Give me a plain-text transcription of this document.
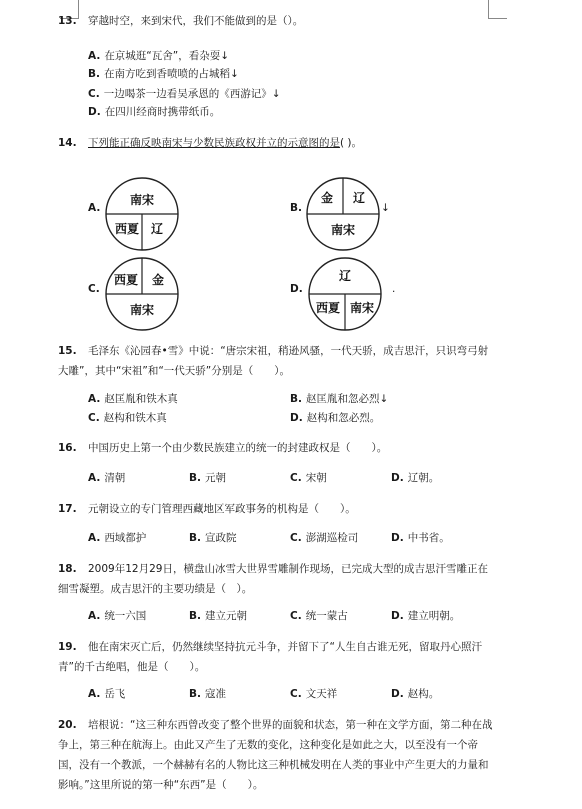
13. 穿越时空，来到宋代，我们不能做到的是（）。
A. 在京城逛“瓦舍”，看杂耍↓
B. 在南方吃到香喷喷的占城稻↓
C. 一边喝茶一边看吴承恩的《西游记》↓
D. 在四川经商时携带纸币。
14. 下列能正确反映南宋与少数民族政权并立的示意图的是( )。
A.
南宋
西夏 辽
B.
金 辽
南宋
↓
C.
西夏 金
南宋
D.
辽
西夏 南宋
.
15. 毛泽东《沁园春•雪》中说：“唐宗宋祖，稍逊风骚，一代天骄，成吉思汗，只识弯弓射大雕”，其中“宋祖”和“一代天骄”分别是（　　）。
A. 赵匡胤和铁木真	B. 赵匡胤和忽必烈↓
C. 赵构和铁木真	D. 赵构和忽必烈。
16. 中国历史上第一个由少数民族建立的统一的封建政权是（　　）。
A. 清朝	B. 元朝	C. 宋朝	D. 辽朝。
17. 元朝设立的专门管理西藏地区军政事务的机构是（　　）。
A. 西域都护	B. 宣政院	C. 澎湖巡检司	D. 中书省。
18. 2009年12月29日，横盘山冰雪大世界雪雕制作现场，已完成大型的成吉思汗雪雕正在细雪凝塑。成吉思汗的主要功绩是（　）。
A. 统一六国	B. 建立元朝	C. 统一蒙古	D. 建立明朝。
19. 他在南宋灭亡后，仍然继续坚持抗元斗争，并留下了“人生自古谁无死，留取丹心照汗青”的千古绝唱，他是（　　）。
A. 岳飞	B. 寇准	C. 文天祥	D. 赵构。
20. 培根说：“这三种东西曾改变了整个世界的面貌和状态，第一种在文学方面，第二种在战争上，第三种在航海上。由此又产生了无数的变化，这种变化是如此之大，以至没有一个帝国，没有一个教派，一个赫赫有名的人物比这三种机械发明在人类的事业中产生更大的力量和影响。”这里所说的第一种“东西”是（　　）。
